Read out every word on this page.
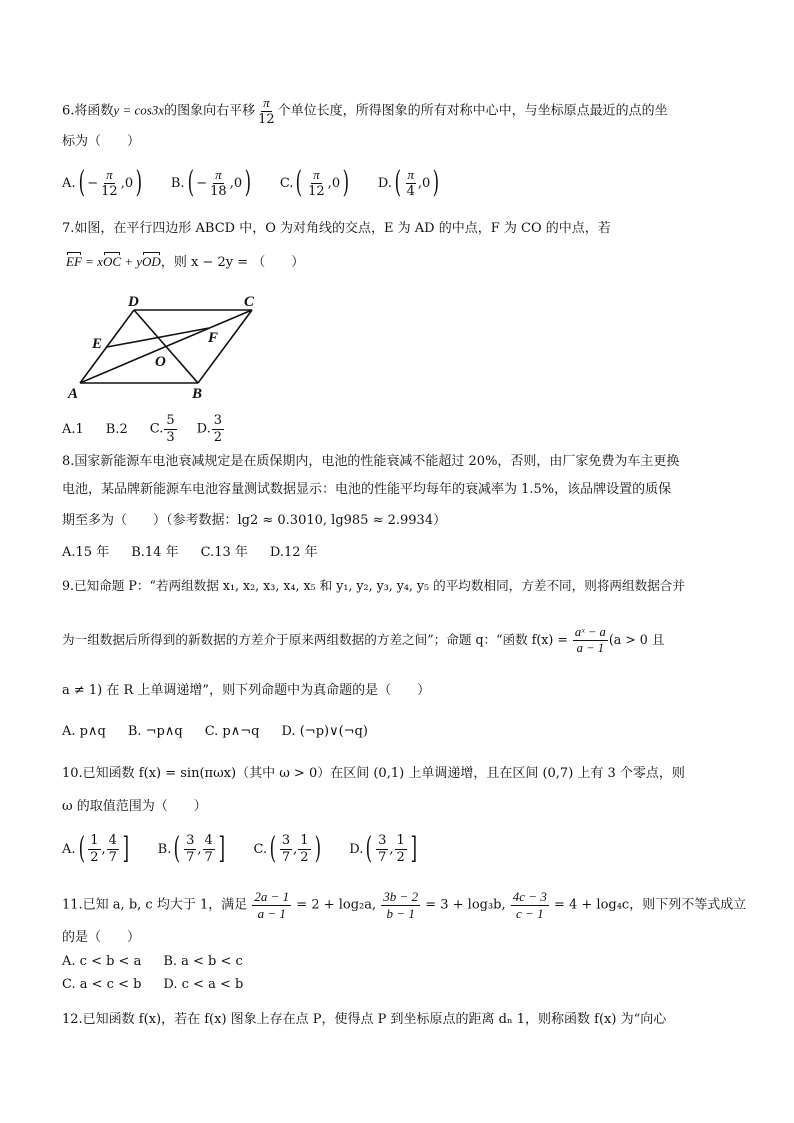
6.将函数y = cos3x的图象向右平移 $\frac{\pi}{12}$ 个单位长度，所得图象的所有对称中心中，与坐标原点最近的点的坐
标为（　　）
$A.( - \frac{\pi}{12} ,0)$ $B.( - \frac{\pi}{18} ,0)$ $C.( \frac{\pi}{12} ,0)$ $D.( \frac{\pi}{4} ,0)$
7.如图，在平行四边形 ABCD 中，O 为对角线的交点，E 为 AD 的中点，F 为 CO 的中点，若
EF = xOC + yOD，则 x − 2y = （　　）
A	B
C
D
E	F
O
A.1 B.2 C. $\frac{5}{3} D$. $\frac{3}{2}$
8.国家新能源车电池衰减规定是在质保期内，电池的性能衰减不能超过 20%，否则，由厂家免费为车主更换
电池，某品牌新能源车电池容量测试数据显示：电池的性能平均每年的衰减率为 1.5%，该品牌设置的质保
期至多为（　　）（参考数据：lg2 ≈ 0.3010, lg985 ≈ 2.9934）
A.15 年 B.14 年 C.13 年 D.12 年
9.已知命题 P：“若两组数据 x₁, x₂, x₃, x₄, x₅ 和 y₁, y₂, y₃, y₄, y₅ 的平均数相同，方差不同，则将两组数据合并
为一组数据后所得到的新数据的方差介于原来两组数据的方差之间”；命题 q：“函数 $f(x) = \frac{\text{aˣ − a}}{a - 1} (a > 0$ 且
a ≠ 1) 在 R 上单调递增”，则下列命题中为真命题的是（　　）
A. p∧q B. ¬p∧q C. p∧¬q D. (¬p)∨(¬q)
10.已知函数 f(x) = sin(πωx)（其中 ω > 0）在区间 (0,1) 上单调递增，且在区间 (0,7) 上有 3 个零点，则
ω 的取值范围为（　　）
$A.( \frac{1}{2}$ , $\frac{4}{7}$ ] $B.( \frac{3}{7}$ , $\frac{4}{7}$ ] $C.( \frac{3}{7}$ , $\frac{1}{2}$ ) $D.( \frac{3}{7}$ , $\frac{1}{2}$ ]
11.已知 a, b, c 均大于 1，满足 $\frac{2a - 1}{a - 1} = 2 + \log_2a$, $\frac{3b - 2}{b - 1} = 3 + \log_3b$, $\frac{4c - 3}{c - 1} = 4 + \log_4c$，则下列不等式成立
的是（　　）
A. c < b < a B. a < b < c
C. a < c < b D. c < a < b
12.已知函数 f(x)，若在 f(x) 图象上存在点 P，使得点 P 到坐标原点的距离 dₙ 1，则称函数 f(x) 为“向心
